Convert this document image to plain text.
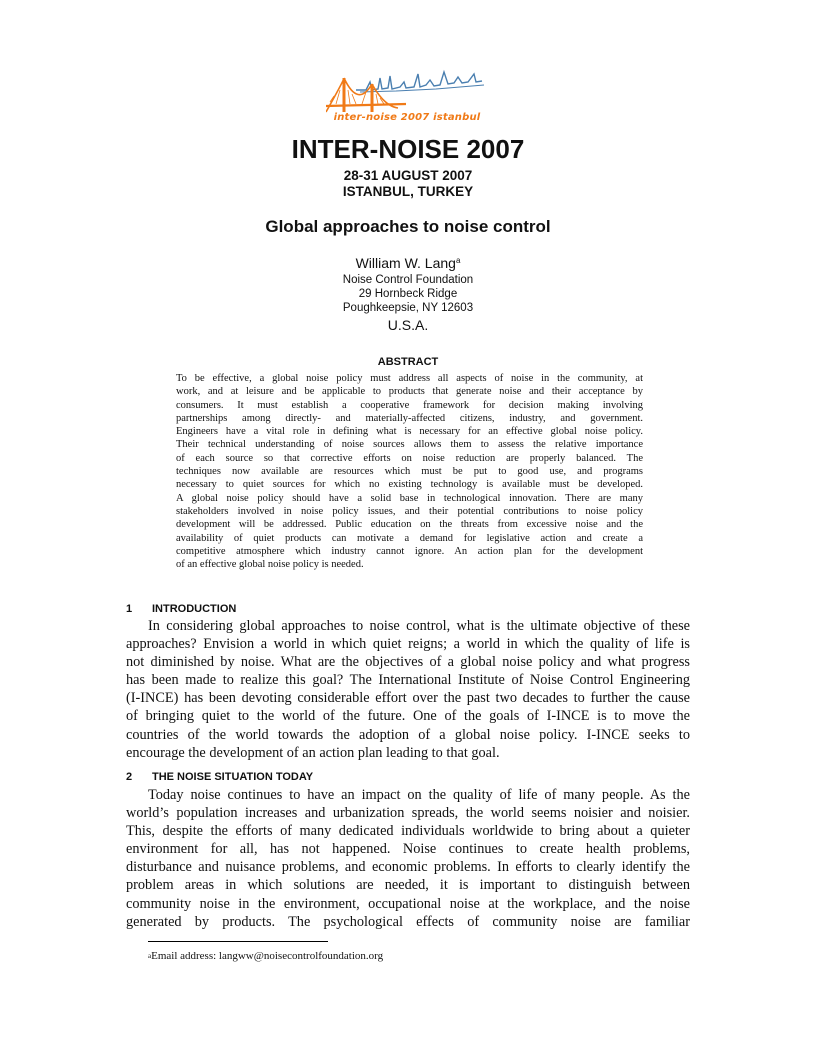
inter-noise 2007 istanbul
INTER-NOISE 2007
28-31 AUGUST 2007
ISTANBUL, TURKEY
Global approaches to noise control
William W. Lang$^a$
Noise Control Foundation
29 Hornbeck Ridge
Poughkeepsie, NY 12603
U.S.A.
ABSTRACT
To be effective, a global noise policy must address all aspects of noise in the community, at
work, and at leisure and be applicable to products that generate noise and their acceptance by
consumers. It must establish a cooperative framework for decision making involving
partnerships among directly- and materially-affected citizens, industry, and government.
Engineers have a vital role in defining what is necessary for an effective global noise policy.
Their technical understanding of noise sources allows them to assess the relative importance
of each source so that corrective efforts on noise reduction are properly balanced. The
techniques now available are resources which must be put to good use, and programs
necessary to quiet sources for which no existing technology is available must be developed.
A global noise policy should have a solid base in technological innovation. There are many
stakeholders involved in noise policy issues, and their potential contributions to noise policy
development will be addressed. Public education on the threats from excessive noise and the
availability of quiet products can motivate a demand for legislative action and create a
competitive atmosphere which industry cannot ignore. An action plan for the development
of an effective global noise policy is needed.
1 INTRODUCTION
In considering global approaches to noise control, what is the ultimate objective of these
approaches? Envision a world in which quiet reigns; a world in which the quality of life is
not diminished by noise. What are the objectives of a global noise policy and what progress
has been made to realize this goal? The International Institute of Noise Control Engineering
(I-INCE) has been devoting considerable effort over the past two decades to further the cause
of bringing quiet to the world of the future. One of the goals of I-INCE is to move the
countries of the world towards the adoption of a global noise policy. I-INCE seeks to
encourage the development of an action plan leading to that goal.
2 THE NOISE SITUATION TODAY
Today noise continues to have an impact on the quality of life of many people. As the
world’s population increases and urbanization spreads, the world seems noisier and noisier.
This, despite the efforts of many dedicated individuals worldwide to bring about a quieter
environment for all, has not happened. Noise continues to create health problems,
disturbance and nuisance problems, and economic problems. In efforts to clearly identify the
problem areas in which solutions are needed, it is important to distinguish between
community noise in the environment, occupational noise at the workplace, and the noise
generated by products. The psychological effects of community noise are familiar
$^a$Email address: langww@noisecontrolfoundation.org
